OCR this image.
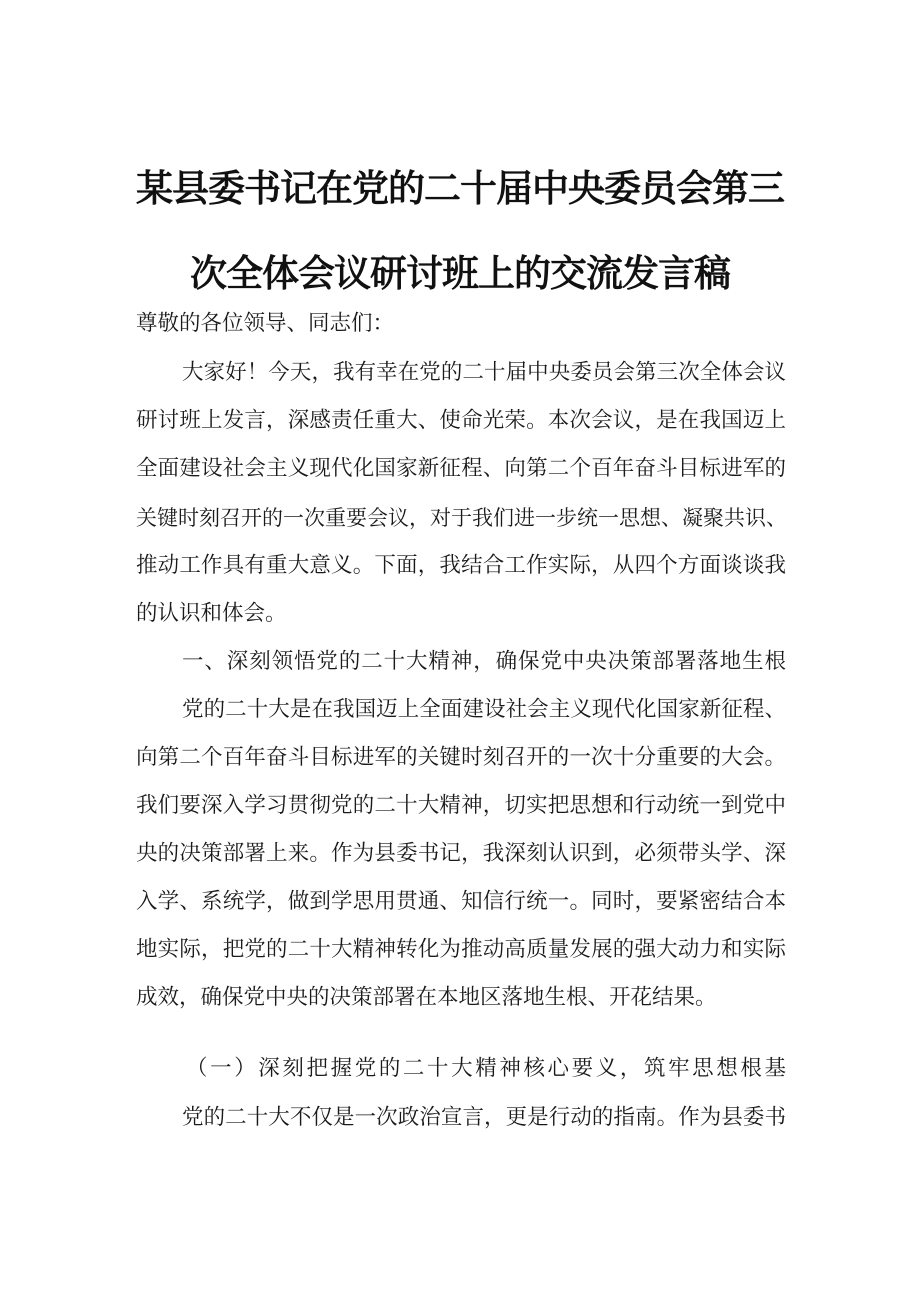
某县委书记在党的二十届中央委员会第三
次全体会议研讨班上的交流发言稿
尊敬的各位领导、同志们：
大家好！今天，我有幸在党的二十届中央委员会第三次全体会议
研讨班上发言，深感责任重大、使命光荣。本次会议，是在我国迈上
全面建设社会主义现代化国家新征程、向第二个百年奋斗目标进军的
关键时刻召开的一次重要会议，对于我们进一步统一思想、凝聚共识、
推动工作具有重大意义。下面，我结合工作实际，从四个方面谈谈我
的认识和体会。
一、深刻领悟党的二十大精神，确保党中央决策部署落地生根
党的二十大是在我国迈上全面建设社会主义现代化国家新征程、
向第二个百年奋斗目标进军的关键时刻召开的一次十分重要的大会。
我们要深入学习贯彻党的二十大精神，切实把思想和行动统一到党中
央的决策部署上来。作为县委书记，我深刻认识到，必须带头学、深
入学、系统学，做到学思用贯通、知信行统一。同时，要紧密结合本
地实际，把党的二十大精神转化为推动高质量发展的强大动力和实际
成效，确保党中央的决策部署在本地区落地生根、开花结果。
（一）深刻把握党的二十大精神核心要义，筑牢思想根基
党的二十大不仅是一次政治宣言，更是行动的指南。作为县委书
